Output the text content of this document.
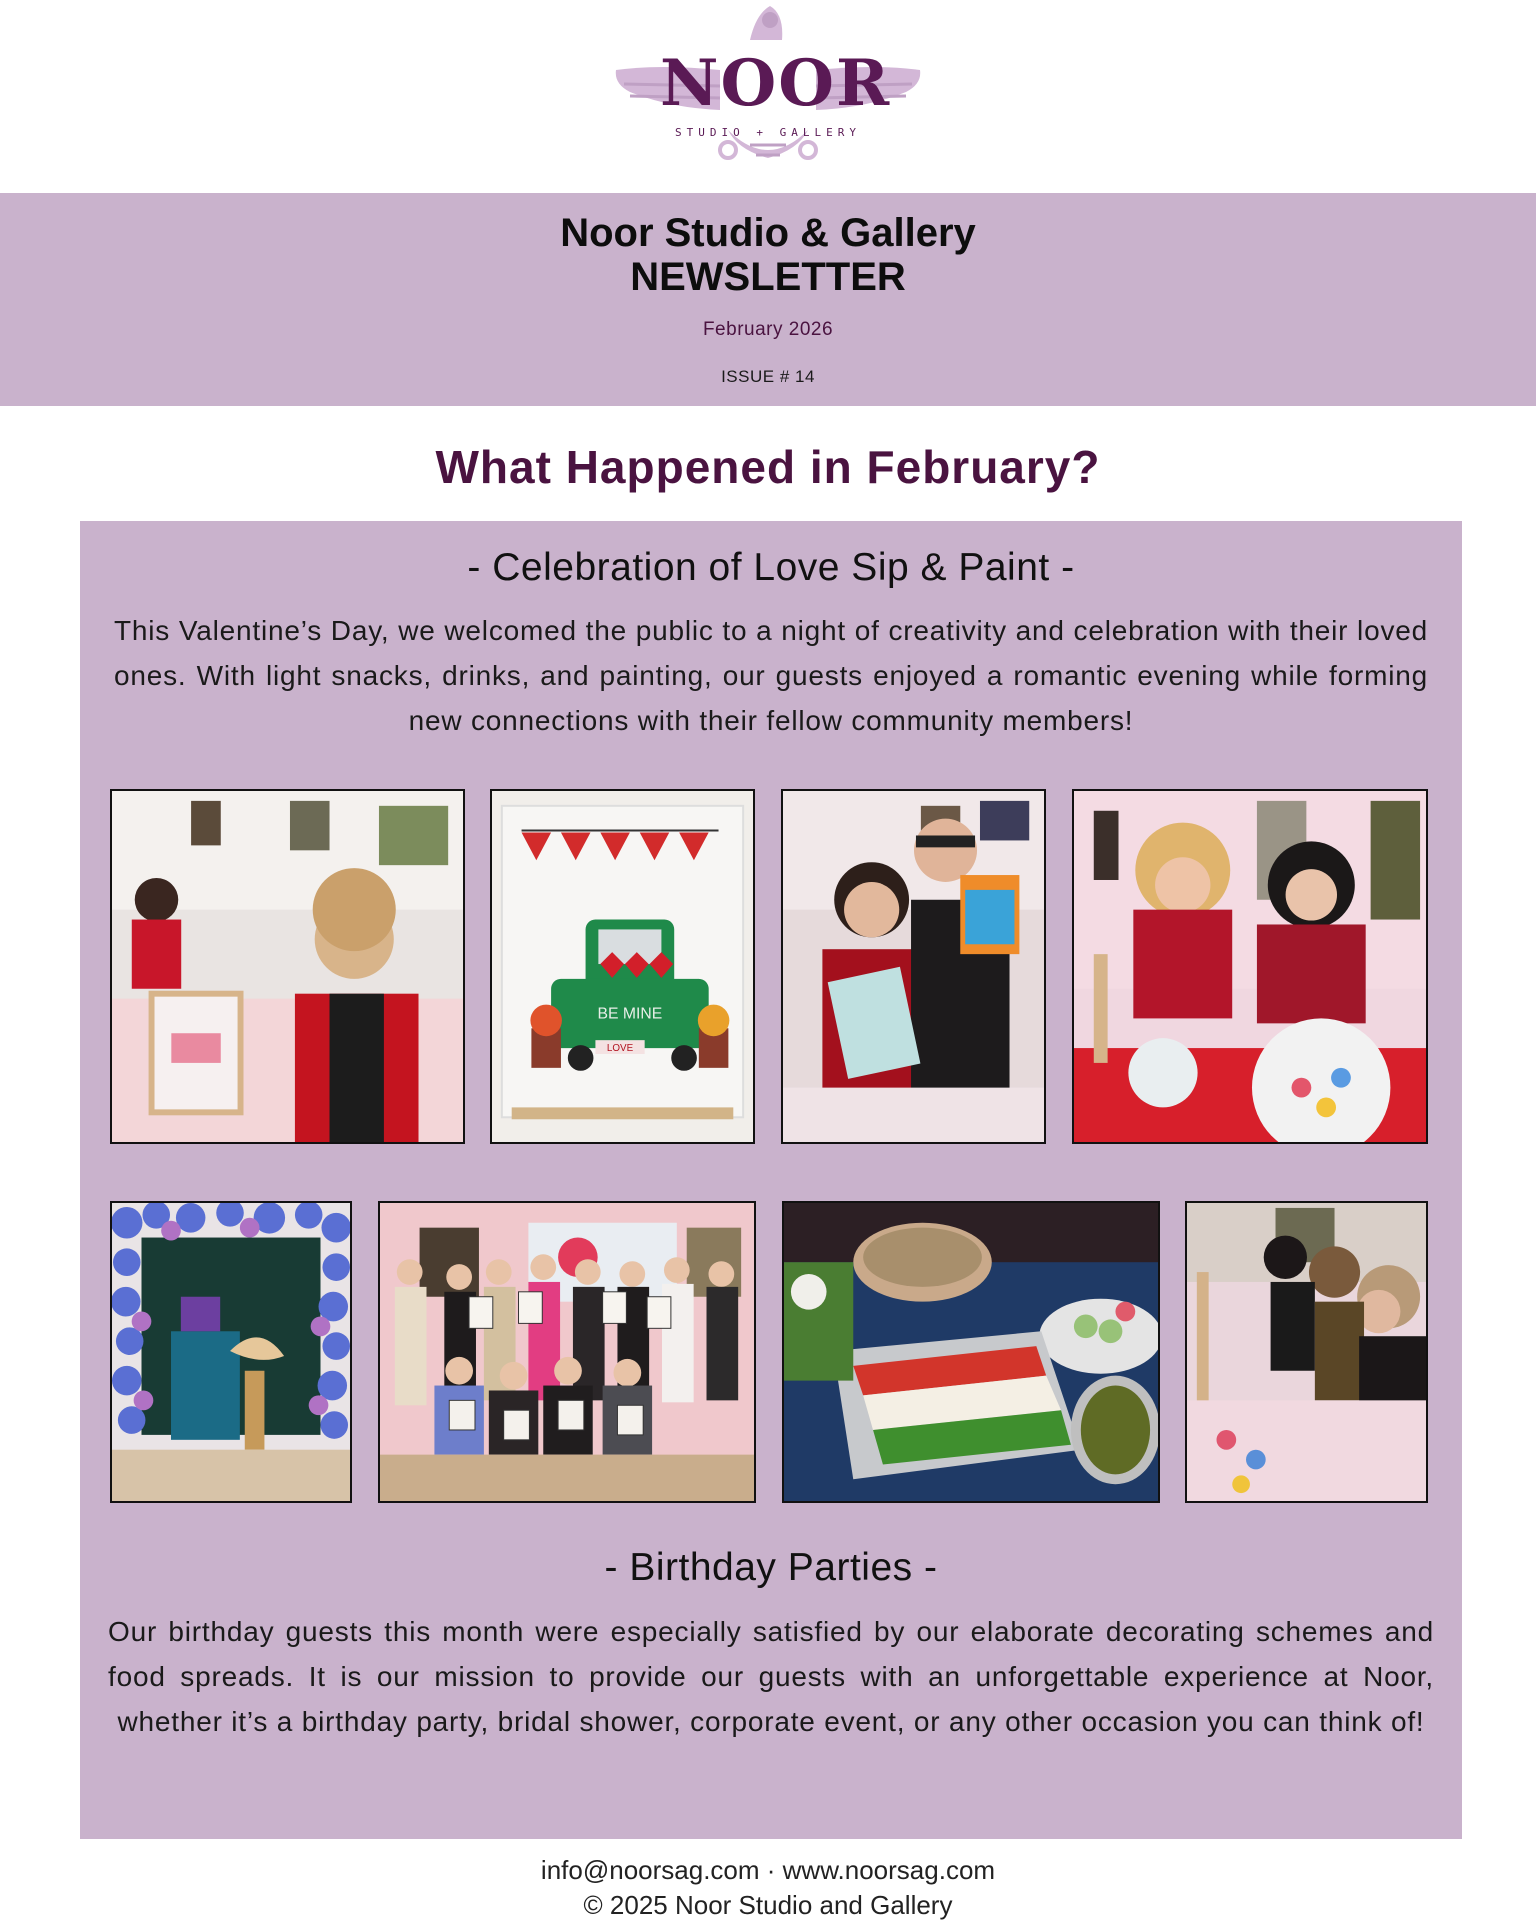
NOOR
STUDIO + GALLERY
Noor Studio & Gallery
NEWSLETTER
February 2026
ISSUE # 14
What Happened in February?
- Celebration of Love Sip & Paint -
This Valentine’s Day, we welcomed the public to a night of creativity and celebration with their loved ones. With light snacks, drinks, and painting, our guests enjoyed a romantic evening while forming new connections with their fellow community members!
BE MINE
LOVE
- Birthday Parties -
Our birthday guests this month were especially satisfied by our elaborate decorating schemes and food spreads. It is our mission to provide our guests with an unforgettable experience at Noor, whether it’s a birthday party, bridal shower, corporate event, or any other occasion you can think of!
info@noorsag.com · www.noorsag.com
© 2025 Noor Studio and Gallery
